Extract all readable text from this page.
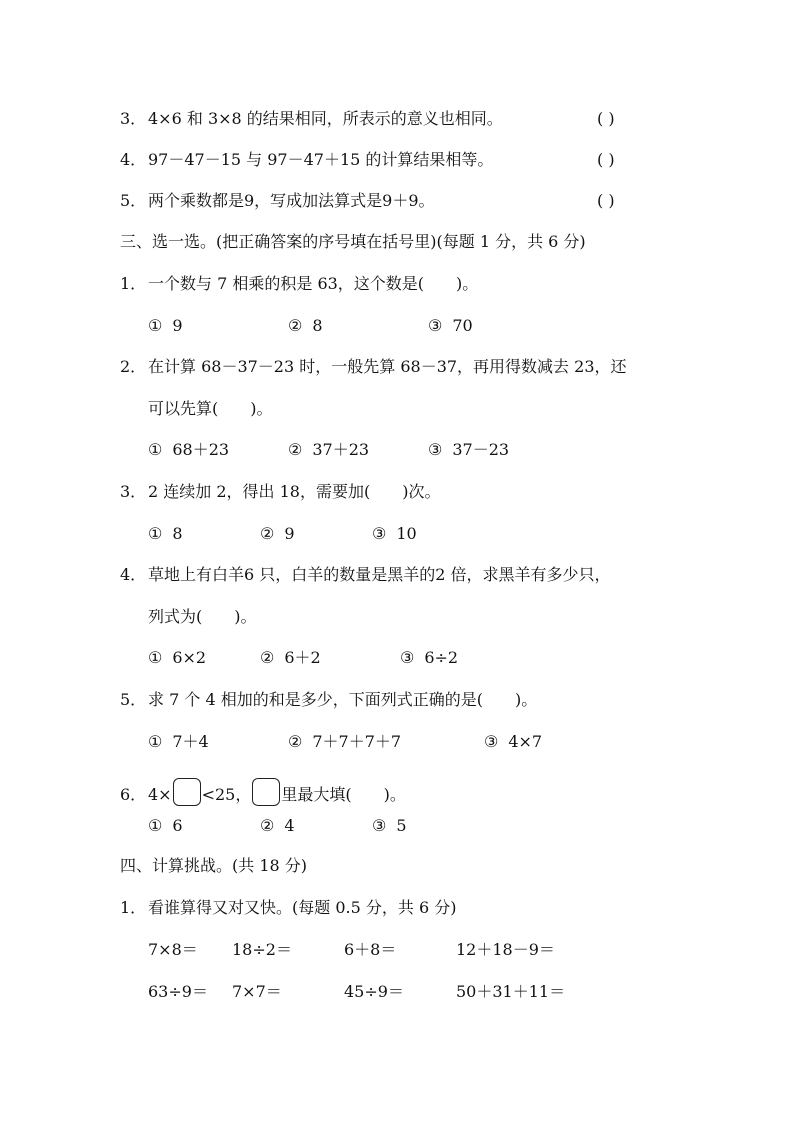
3． 4×6 和 3×8 的结果相同，所表示的意义也相同。	( )
4． 97－47－15 与 97－47＋15 的计算结果相等。	( )
5． 两个乘数都是9，写成加法算式是9＋9。	( )
三、选一选。(把正确答案的序号填在括号里)(每题 1 分，共 6 分)
1． 一个数与 7 相乘的积是 63，这个数是( )。
① 9	② 8	③ 70
2． 在计算 68－37－23 时，一般先算 68－37，再用得数减去 23，还
可以先算( )。
① 68＋23	② 37＋23	③ 37－23
3． 2 连续加 2，得出 18，需要加( )次。
① 8	② 9	③ 10
4． 草地上有白羊6 只，白羊的数量是黑羊的2 倍，求黑羊有多少只，
列式为( )。
① 6×2	② 6＋2	③ 6÷2
5． 求 7 个 4 相加的和是多少，下面列式正确的是( )。
① 7＋4	② 7＋7＋7＋7	③ 4×7
6． 4× <25， 里最大填( )。
① 6	② 4	③ 5
四、计算挑战。(共 18 分)
1． 看谁算得又对又快。(每题 0.5 分，共 6 分)
7×8＝ 18÷2＝	6＋8＝	12＋18－9＝
63÷9＝ 7×7＝	45÷9＝	50＋31＋11＝
